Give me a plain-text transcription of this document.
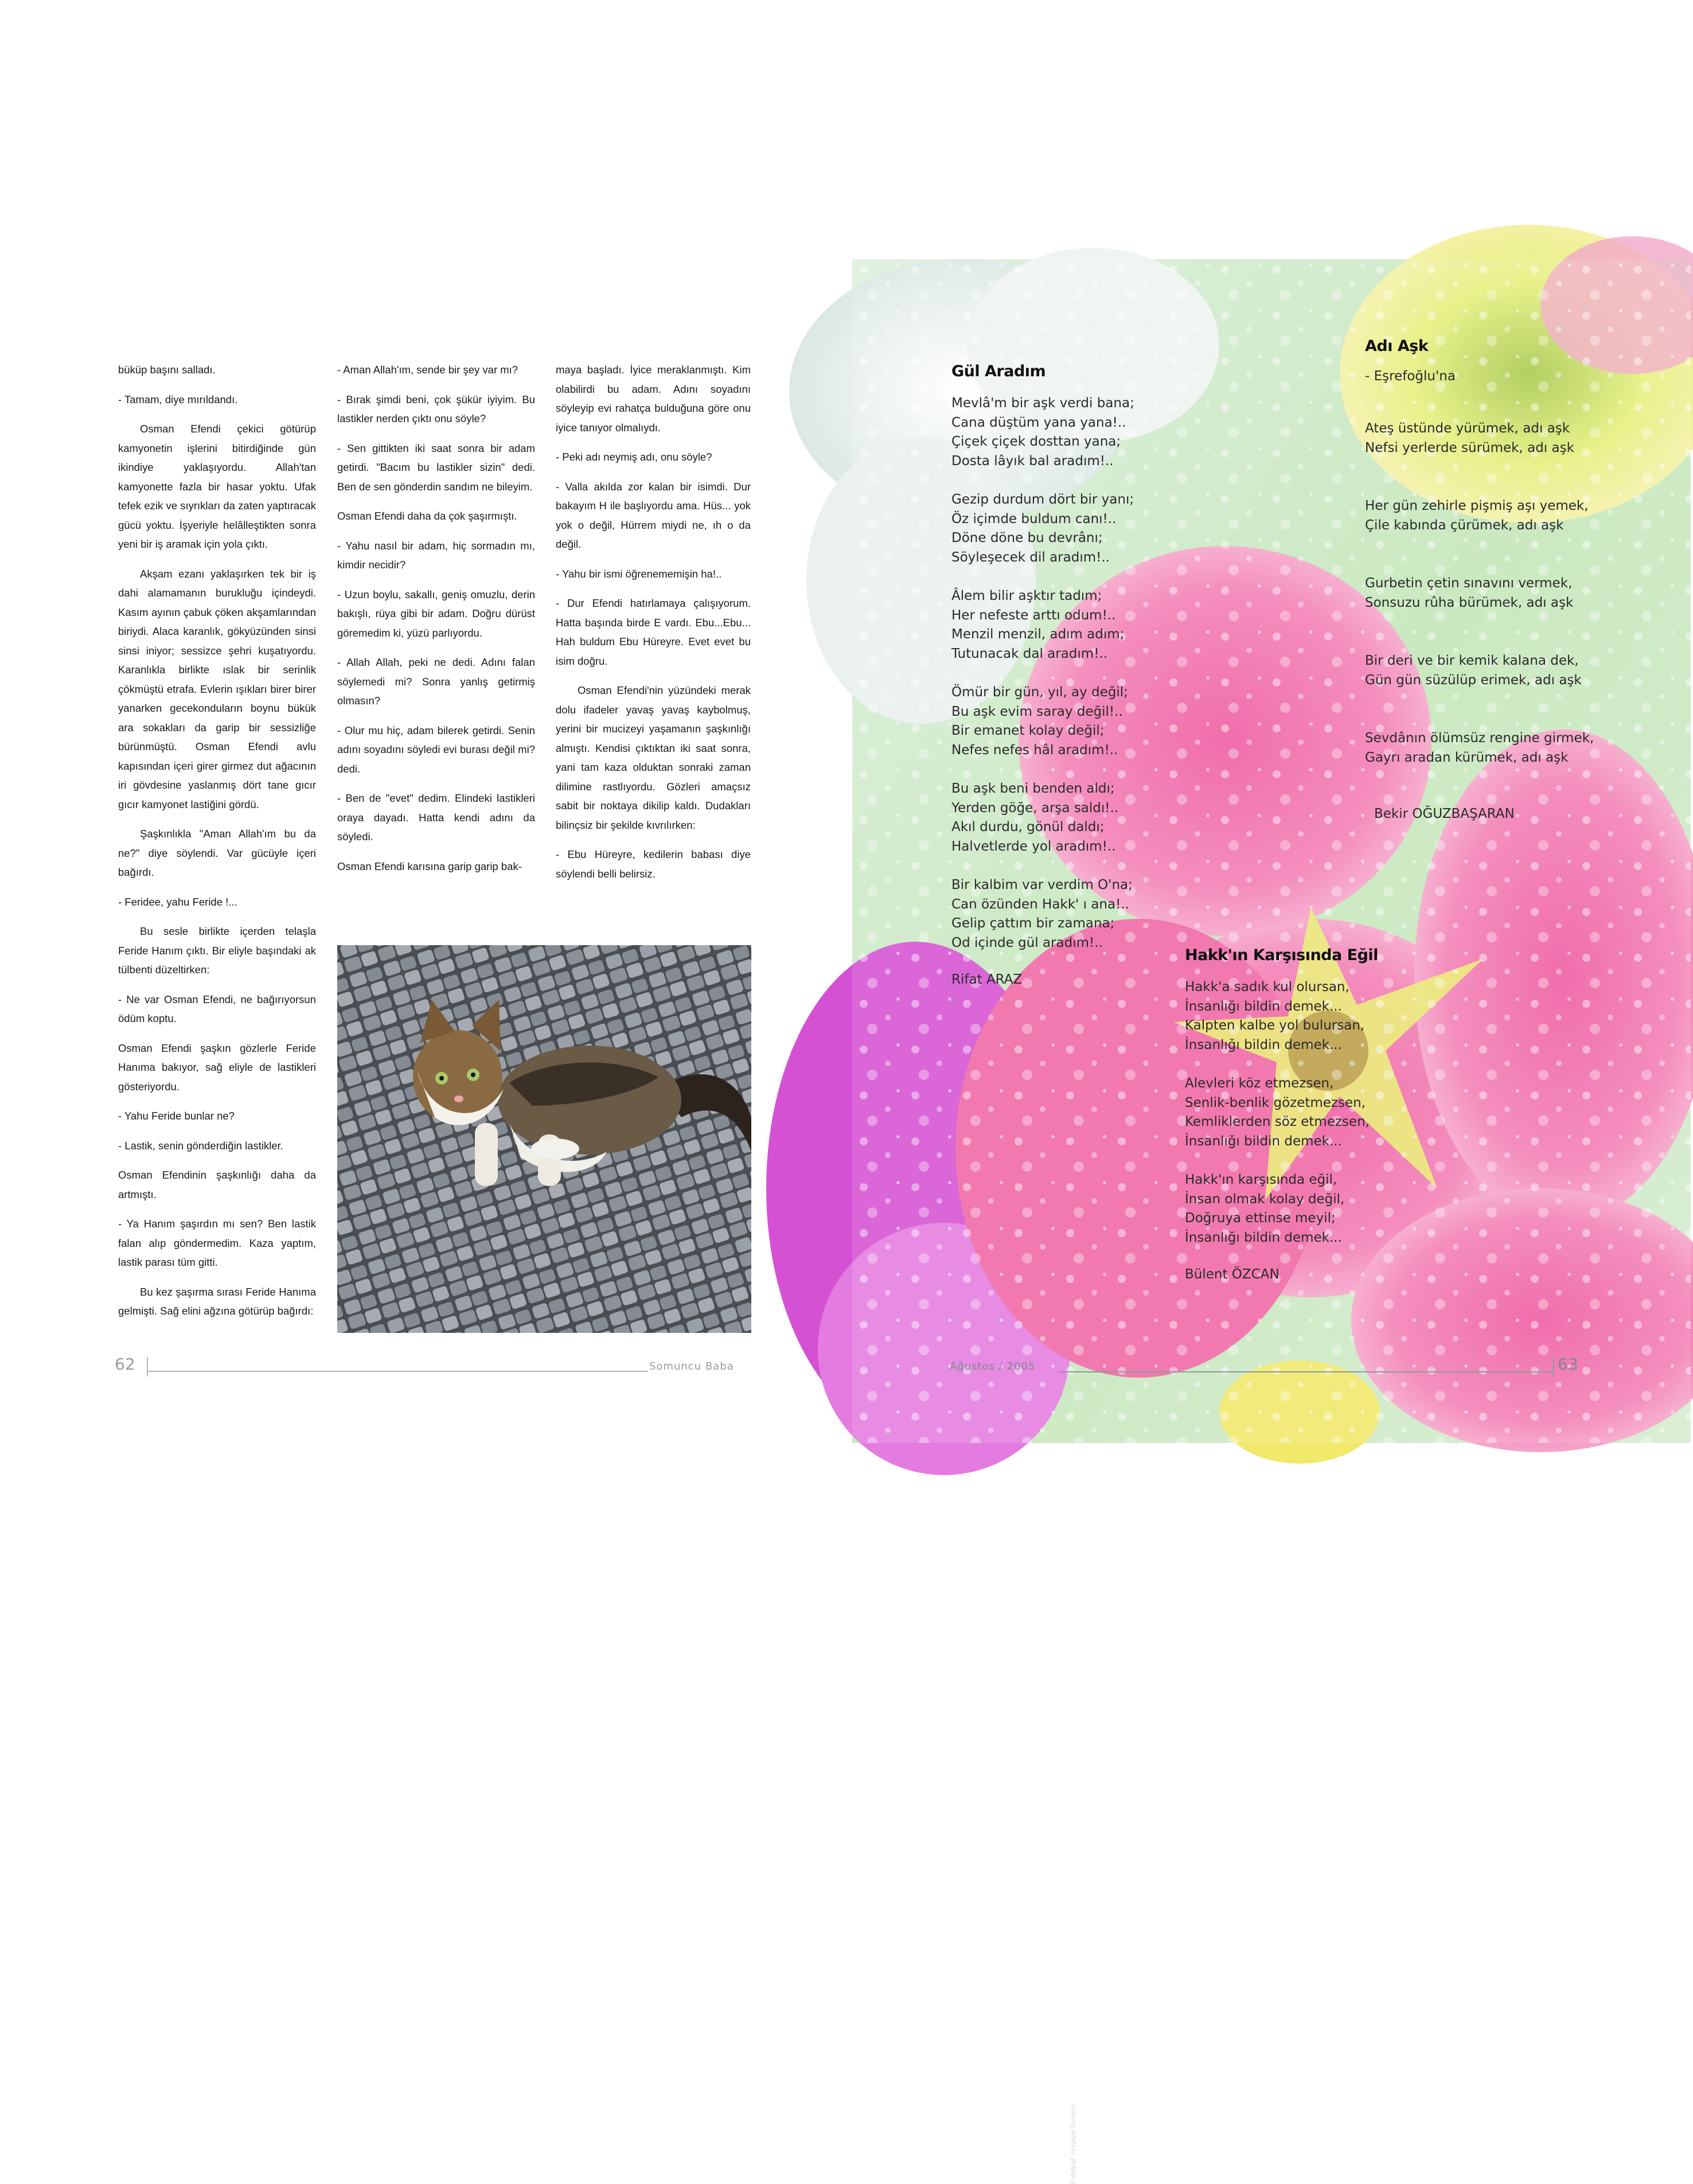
büküp başını salladı.

- Tamam, diye mırıldandı.

Osman Efendi çekici götürüp kamyonetin işlerini bitirdiğinde gün ikindiye yaklaşıyordu. Allah'tan kamyonette fazla bir hasar yoktu. Ufak tefek ezik ve sıyrıkları da zaten yaptıracak gücü yoktu. İşyeriyle helâlleştikten sonra yeni bir iş aramak için yola çıktı.

Akşam ezanı yaklaşırken tek bir iş dahi alamamanın burukluğu içindeydi. Kasım ayının çabuk çöken akşamlarından biriydi. Alaca karanlık, gökyüzünden sinsi sinsi iniyor; sessizce şehri kuşatıyordu. Karanlıkla birlikte ıslak bir serinlik çökmüştü etrafa. Evlerin ışıkları birer birer yanarken gecekonduların boynu bükük ara sokakları da garip bir sessizliğe bürünmüştü. Osman Efendi avlu kapısından içeri girer girmez dut ağacının iri gövdesine yaslanmış dört tane gıcır gıcır kamyonet lastiğini gördü.

Şaşkınlıkla "Aman Allah'ım bu da ne?" diye söylendi. Var gücüyle içeri bağırdı.

- Feridee, yahu Feride !...

Bu sesle birlikte içerden telaşla Feride Hanım çıktı. Bir eliyle başındaki ak tülbenti düzeltirken:

- Ne var Osman Efendi, ne bağırıyorsun ödüm koptu.

Osman Efendi şaşkın gözlerle Feride Hanıma bakıyor, sağ eliyle de lastikleri gösteriyordu.

- Yahu Feride bunlar ne?

- Lastik, senin gönderdiğin lastikler.

Osman Efendinin şaşkınlığı daha da artmıştı.

- Ya Hanım şaşırdın mı sen? Ben lastik falan alıp göndermedim. Kaza yaptım, lastik parası tüm gitti.

Bu kez şaşırma sırası Feride Hanıma gelmişti. Sağ elini ağzına götürüp bağırdı:

- Aman Allah'ım, sende bir şey var mı?

- Bırak şimdi beni, çok şükür iyiyim. Bu lastikler nerden çıktı onu söyle?

- Sen gittikten iki saat sonra bir adam getirdi. "Bacım bu lastikler sizin" dedi. Ben de sen gönderdin sandım ne bileyim.

Osman Efendi daha da çok şaşırmıştı.

- Yahu nasıl bir adam, hiç sormadın mı, kimdir necidir?

- Uzun boylu, sakallı, geniş omuzlu, derin bakışlı, rüya gibi bir adam. Doğru dürüst göremedim ki, yüzü parlıyordu.

- Allah Allah, peki ne dedi. Adını falan söylemedi mi? Sonra yanlış getirmiş olmasın?

- Olur mu hiç, adam bilerek getirdi. Senin adını soyadını söyledi evi burası değil mi? dedi.

- Ben de "evet" dedim. Elindeki lastikleri oraya dayadı. Hatta kendi adını da söyledi.

Osman Efendi karısına garip garip bak-

maya başladı. İyice meraklanmıştı. Kim olabilirdi bu adam. Adını soyadını söyleyip evi rahatça bulduğuna göre onu iyice tanıyor olmalıydı.

- Peki adı neymiş adı, onu söyle?

- Valla akılda zor kalan bir isimdi. Dur bakayım H ile başlıyordu ama. Hüs... yok yok o değil, Hürrem miydi ne, ıh o da değil.

- Yahu bir ismi öğrenememişin ha!..

- Dur Efendi hatırlamaya çalışıyorum. Hatta başında birde E vardı. Ebu...Ebu... Hah buldum Ebu Hüreyre. Evet evet bu isim doğru.

Osman Efendi'nin yüzündeki merak dolu ifadeler yavaş yavaş kaybolmuş, yerini bir mucizeyi yaşamanın şaşkınlığı almıştı. Kendisi çıktıktan iki saat sonra, yani tam kaza olduktan sonraki zaman dilimine rastlıyordu. Gözleri amaçsız sabit bir noktaya dikilip kaldı. Dudakları bilinçsiz bir şekilde kıvrılırken:

- Ebu Hüreyre, kedilerin babası diye söylendi belli belirsiz.

Fotoğraf: Hüseyin Demirci
62	Somuncu Baba
Gül Aradım
Mevlâ'm bir aşk verdi bana;
Cana düştüm yana yana!..
Çiçek çiçek dosttan yana;
Dosta lâyık bal aradım!..
Gezip durdum dört bir yanı;
Öz içimde buldum canı!..
Döne döne bu devrânı;
Söyleşecek dil aradım!..
Âlem bilir aşktır tadım;
Her nefeste arttı odum!..
Menzil menzil, adım adım;
Tutunacak dal aradım!..
Ömür bir gün, yıl, ay değil;
Bu aşk evim saray değil!..
Bir emanet kolay değil;
Nefes nefes hâl aradım!..
Bu aşk beni benden aldı;
Yerden göğe, arşa saldı!..
Akıl durdu, gönül daldı;
Halvetlerde yol aradım!..
Bir kalbim var verdim O'na;
Can özünden Hakk' ı ana!..
Gelip çattım bir zamana;
Od içinde gül aradım!..
Rifat ARAZ
Adı Aşk
- Eşrefoğlu'na
Ateş üstünde yürümek, adı aşk
Nefsi yerlerde sürümek, adı aşk
Her gün zehirle pişmiş aşı yemek,
Çile kabında çürümek, adı aşk
Gurbetin çetin sınavını vermek,
Sonsuzu rûha bürümek, adı aşk
Bir deri ve bir kemik kalana dek,
Gün gün süzülüp erimek, adı aşk
Sevdânın ölümsüz rengine girmek,
Gayrı aradan kürümek, adı aşk
Bekir OĞUZBAŞARAN
Hakk'ın Karşısında Eğil
Hakk'a sadık kul olursan,
İnsanlığı bildin demek...
Kalpten kalbe yol bulursan,
İnsanlığı bildin demek...
Alevleri köz etmezsen,
Senlik-benlik gözetmezsen,
Kemliklerden söz etmezsen,
İnsanlığı bildin demek...
Hakk'ın karşısında eğil,
İnsan olmak kolay değil,
Doğruya ettinse meyil;
İnsanlığı bildin demek...
Bülent ÖZCAN
Ağustos / 2005	63
